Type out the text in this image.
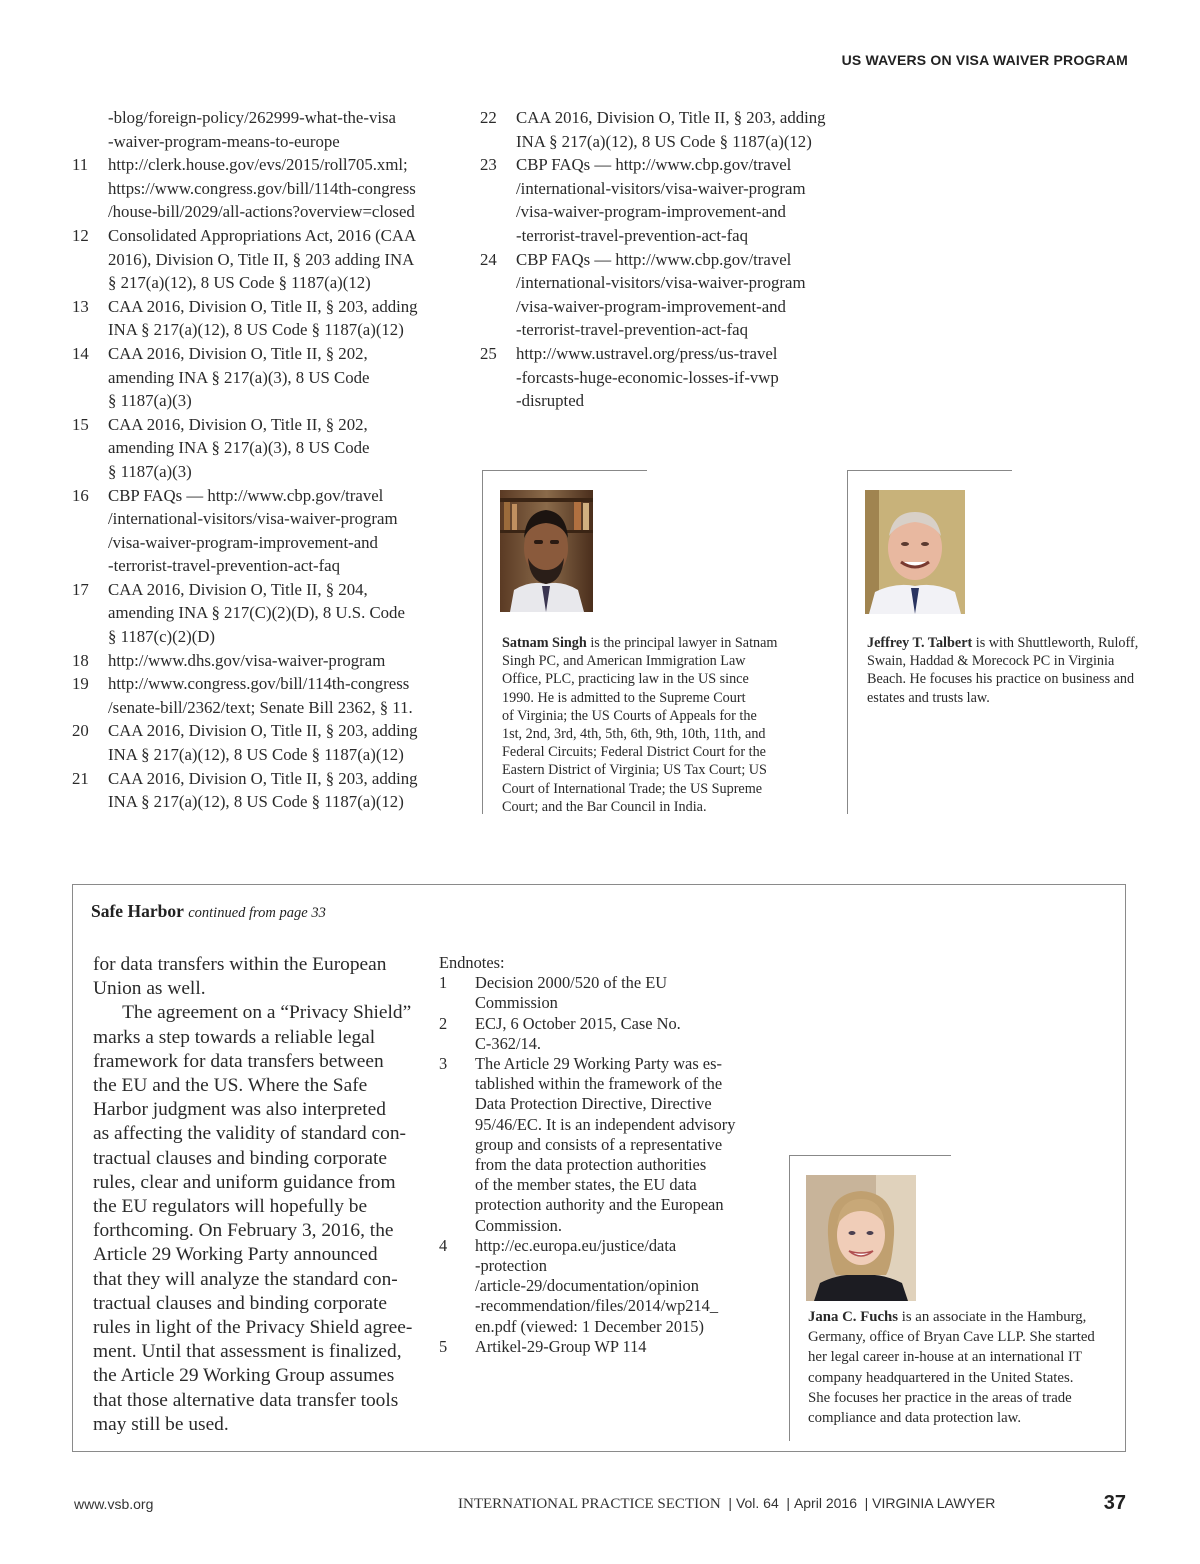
US WAVERS ON VISA WAIVER PROGRAM
-blog/foreign-policy/262999-what-the-visa
-waiver-program-means-to-europe
11	http://clerk.house.gov/evs/2015/roll705.xml;
https://www.congress.gov/bill/114th-congress
/house-bill/2029/all-actions?overview=closed
12	Consolidated Appropriations Act, 2016 (CAA
2016), Division O, Title II, § 203 adding INA
§ 217(a)(12), 8 US Code § 1187(a)(12)
13	CAA 2016, Division O, Title II, § 203, adding
INA § 217(a)(12), 8 US Code § 1187(a)(12)
14	CAA 2016, Division O, Title II, § 202,
amending INA § 217(a)(3), 8 US Code
§ 1187(a)(3)
15	CAA 2016, Division O, Title II, § 202,
amending INA § 217(a)(3), 8 US Code
§ 1187(a)(3)
16	CBP FAQs — http://www.cbp.gov/travel
/international-visitors/visa-waiver-program
/visa-waiver-program-improvement-and
-terrorist-travel-prevention-act-faq
17	CAA 2016, Division O, Title II, § 204,
amending INA § 217(C)(2)(D), 8 U.S. Code
§ 1187(c)(2)(D)
18	http://www.dhs.gov/visa-waiver-program
19	http://www.congress.gov/bill/114th-congress
/senate-bill/2362/text; Senate Bill 2362, § 11.
20	CAA 2016, Division O, Title II, § 203, adding
INA § 217(a)(12), 8 US Code § 1187(a)(12)
21	CAA 2016, Division O, Title II, § 203, adding
INA § 217(a)(12), 8 US Code § 1187(a)(12)
22	CAA 2016, Division O, Title II, § 203, adding
INA § 217(a)(12), 8 US Code § 1187(a)(12)
23	CBP FAQs — http://www.cbp.gov/travel
/international-visitors/visa-waiver-program
/visa-waiver-program-improvement-and
-terrorist-travel-prevention-act-faq
24	CBP FAQs — http://www.cbp.gov/travel
/international-visitors/visa-waiver-program
/visa-waiver-program-improvement-and
-terrorist-travel-prevention-act-faq
25	http://www.ustravel.org/press/us-travel
-forcasts-huge-economic-losses-if-vwp
-disrupted
Satnam Singh is the principal lawyer in Satnam
Singh PC, and American Immigration Law
Office, PLC, practicing law in the US since
1990. He is admitted to the Supreme Court
of Virginia; the US Courts of Appeals for the
1st, 2nd, 3rd, 4th, 5th, 6th, 9th, 10th, 11th, and
Federal Circuits; Federal District Court for the
Eastern District of Virginia; US Tax Court; US
Court of International Trade; the US Supreme
Court; and the Bar Council in India.
Jeffrey T. Talbert is with Shuttleworth, Ruloff,
Swain, Haddad & Morecock PC in Virginia
Beach. He focuses his practice on business and
estates and trusts law.
Safe Harbor continued from page 33
for data transfers within the European
Union as well.
The agreement on a “Privacy Shield”
marks a step towards a reliable legal
framework for data transfers between
the EU and the US. Where the Safe
Harbor judgment was also interpreted
as affecting the validity of standard con-
tractual clauses and binding corporate
rules, clear and uniform guidance from
the EU regulators will hopefully be
forthcoming. On February 3, 2016, the
Article 29 Working Party announced
that they will analyze the standard con-
tractual clauses and binding corporate
rules in light of the Privacy Shield agree-
ment. Until that assessment is finalized,
the Article 29 Working Group assumes
that those alternative data transfer tools
may still be used.
Endnotes:
1	Decision 2000/520 of the EU
Commission
2	ECJ, 6 October 2015, Case No.
C-362/14.
3	The Article 29 Working Party was es-
tablished within the framework of the
Data Protection Directive, Directive
95/46/EC. It is an independent advisory
group and consists of a representative
from the data protection authorities
of the member states, the EU data
protection authority and the European
Commission.
4	http://ec.europa.eu/justice/data
-protection
/article-29/documentation/opinion
-recommendation/files/2014/wp214_
en.pdf (viewed: 1 December 2015)
5	Artikel-29-Group WP 114
Jana C. Fuchs is an associate in the Hamburg,
Germany, office of Bryan Cave LLP. She started
her legal career in-house at an international IT
company headquartered in the United States.
She focuses her practice in the areas of trade
compliance and data protection law.
www.vsb.org	INTERNATIONAL PRACTICE SECTION  | Vol. 64  | April 2016  | VIRGINIA LAWYER	37
